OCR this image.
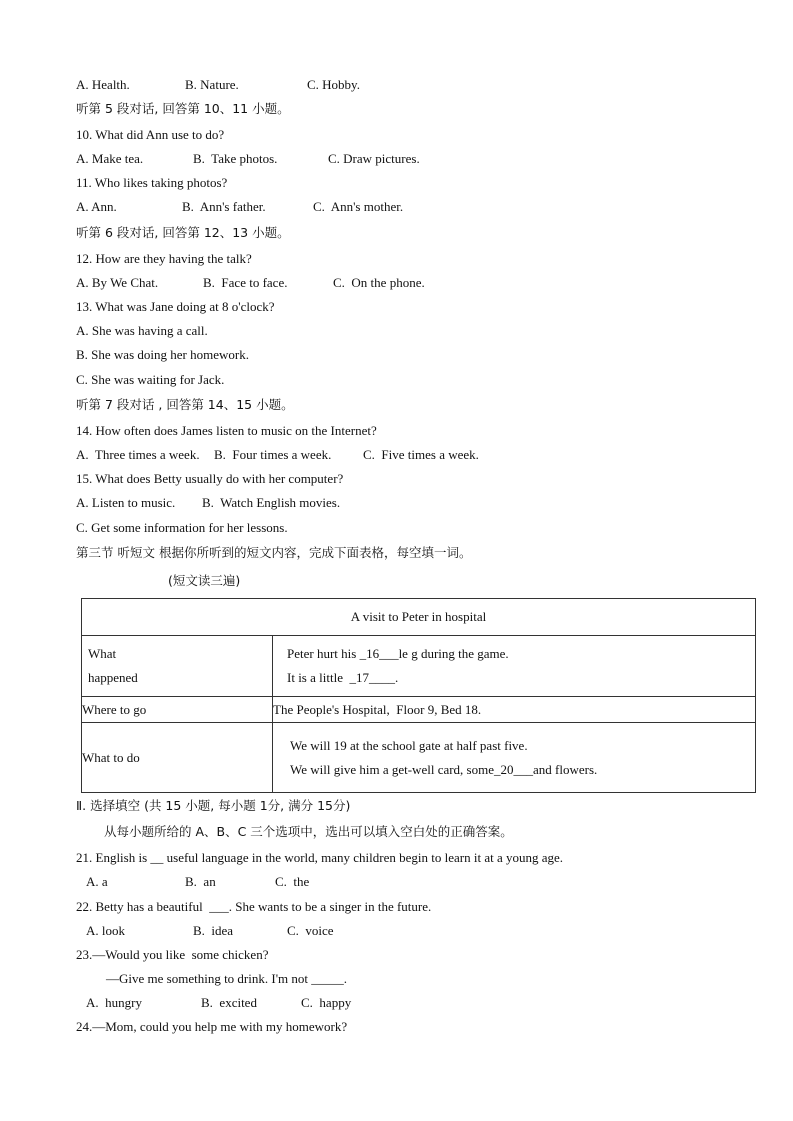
A. Health.	B. Nature.	C. Hobby.
听第 5 段对话, 回答第 10、11 小题。
10. What did Ann use to do?
A. Make tea.	B.  Take photos.	C. Draw pictures.
11. Who likes taking photos?
A. Ann.	B.  Ann's father.	C.  Ann's mother.
听第 6 段对话, 回答第 12、13 小题。
12. How are they having the talk?
A. By We Chat.	B.  Face to face.	C.  On the phone.
13. What was Jane doing at 8 o'clock?
A. She was having a call.
B. She was doing her homework.
C. She was waiting for Jack.
听第 7 段对话 , 回答第 14、15 小题。
14. How often does James listen to music on the Internet?
A.  Three times a week. B.  Four times a week. C.  Five times a week.
15. What does Betty usually do with her computer?
A. Listen to music. B.  Watch English movies.
C. Get some information for her lessons.
第三节 听短文 根据你所听到的短文内容，完成下面表格，每空填一词。
(短文读三遍)
A visit to Peter in hospital	

What
happened	Peter hurt his _16___le g during the game.
It is a little  _17____.

Where to go	The People's Hospital,  Floor 9, Bed 18.

What to do	We will 19 at the school gate at half past five.
We will give him a get-well card, some_20___and flowers.
Ⅱ. 选择填空 (共 15 小题, 每小题 1分, 满分 15分)
从每小题所给的 A、B、C 三个选项中，选出可以填入空白处的正确答案。
21. English is __ useful language in the world, many children begin to learn it at a young age.
A. a	B.  an	C.  the
22. Betty has a beautiful  ___. She wants to be a singer in the future.
A. look	B.  idea	C.  voice
23.—Would you like  some chicken?
—Give me something to drink. I'm not _____.
A.  hungry	B.  excited	C.  happy
24.—Mom, could you help me with my homework?
